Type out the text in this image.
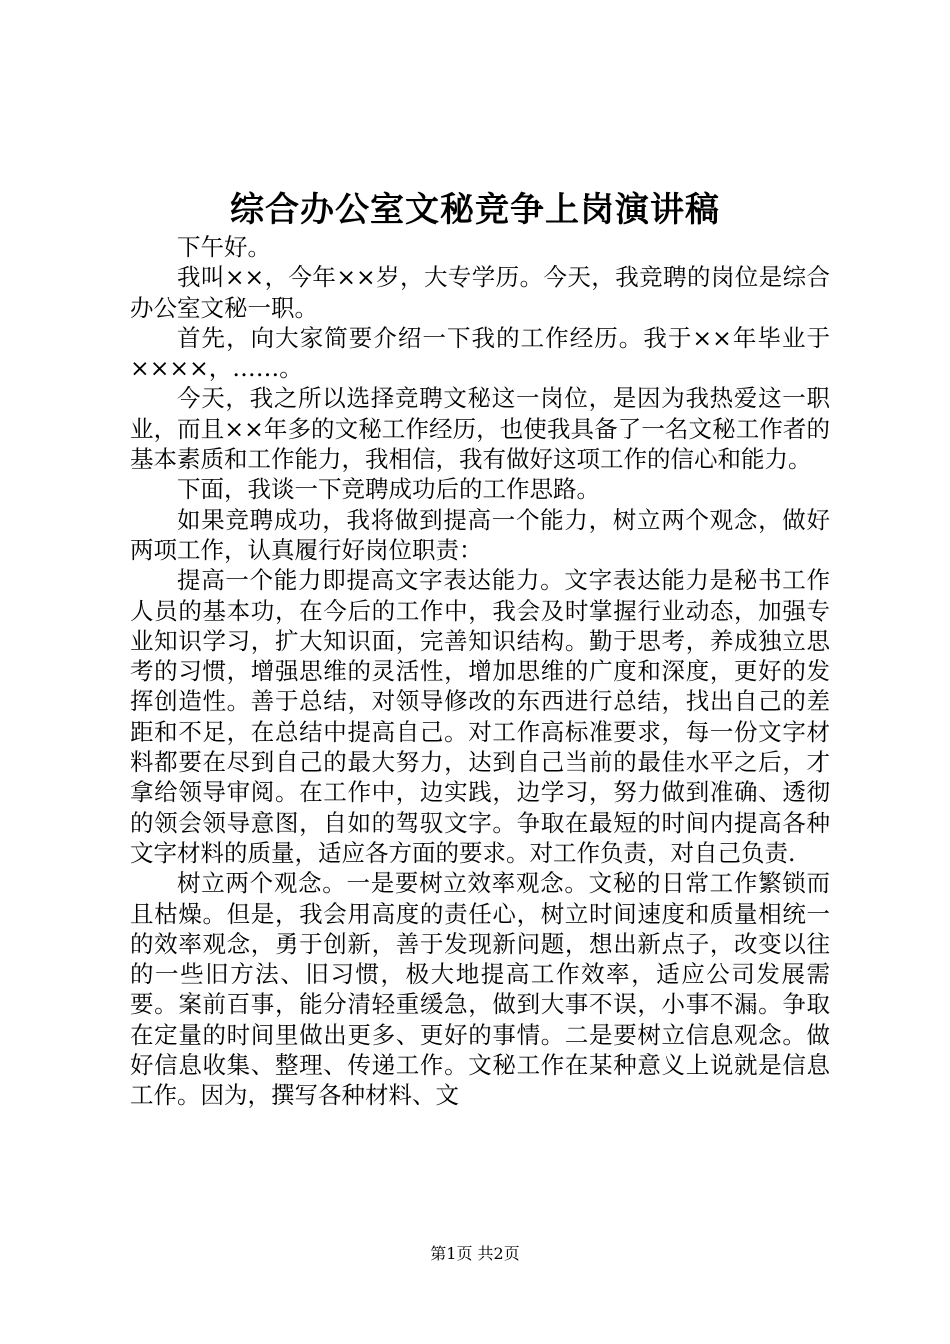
综合办公室文秘竞争上岗演讲稿

下午好。

我叫××，今年××岁，大专学历。今天，我竞聘的岗位是综合办公室文秘一职。

首先，向大家简要介绍一下我的工作经历。我于××年毕业于××××，……。

今天，我之所以选择竞聘文秘这一岗位，是因为我热爱这一职业，而且××年多的文秘工作经历，也使我具备了一名文秘工作者的基本素质和工作能力，我相信，我有做好这项工作的信心和能力。

下面，我谈一下竞聘成功后的工作思路。

如果竞聘成功，我将做到提高一个能力，树立两个观念，做好两项工作，认真履行好岗位职责：

提高一个能力即提高文字表达能力。文字表达能力是秘书工作人员的基本功，在今后的工作中，我会及时掌握行业动态，加强专业知识学习，扩大知识面，完善知识结构。勤于思考，养成独立思考的习惯，增强思维的灵活性，增加思维的广度和深度，更好的发挥创造性。善于总结，对领导修改的东西进行总结，找出自己的差距和不足，在总结中提高自己。对工作高标准要求，每一份文字材料都要在尽到自己的最大努力，达到自己当前的最佳水平之后，才拿给领导审阅。在工作中，边实践，边学习，努力做到准确、透彻的领会领导意图，自如的驾驭文字。争取在最短的时间内提高各种文字材料的质量，适应各方面的要求。对工作负责，对自己负责.

树立两个观念。一是要树立效率观念。文秘的日常工作繁锁而且枯燥。但是，我会用高度的责任心，树立时间速度和质量相统一的效率观念，勇于创新，善于发现新问题，想出新点子，改变以往的一些旧方法、旧习惯，极大地提高工作效率，适应公司发展需要。案前百事，能分清轻重缓急，做到大事不误，小事不漏。争取在定量的时间里做出更多、更好的事情。二是要树立信息观念。做好信息收集、整理、传递工作。文秘工作在某种意义上说就是信息工作。因为，撰写各种材料、文

第1页 共2页
